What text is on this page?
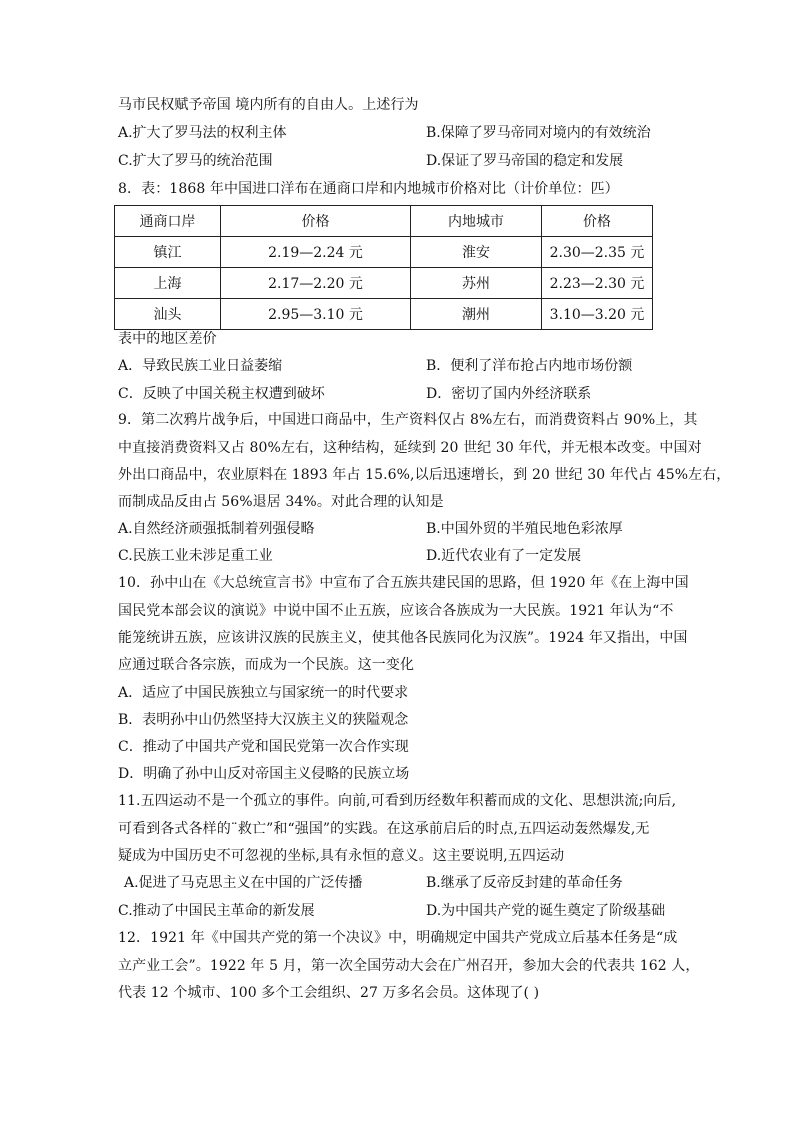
马市民权赋予帝国 境内所有的自由人。上述行为
A.扩大了罗马法的权利主体	B.保障了罗马帝同对境内的有效统治
C.扩大了罗马的统治范围	D.保证了罗马帝国的稳定和发展
8．表：1868 年中国进口洋布在通商口岸和内地城市价格对比（计价单位：匹）
通商口岸	价格	内地城市	价格
镇江	2.19—2.24 元	淮安	2.30—2.35 元
上海	2.17—2.20 元	苏州	2.23—2.30 元
汕头	2.95—3.10 元	潮州	3.10—3.20 元
表中的地区差价
A．导致民族工业日益萎缩	B．便利了洋布抢占内地市场份额
C．反映了中国关税主权遭到破坏	D．密切了国内外经济联系
9．第二次鸦片战争后，中国进口商品中，生产资料仅占 8%左右，而消费资料占 90%上，其
中直接消费资料又占 80%左右，这种结构，延续到 20 世纪 30 年代，并无根本改变。中国对
外出口商品中，农业原料在 1893 年占 15.6%,以后迅速增长，到 20 世纪 30 年代占 45%左右，
而制成品反由占 56%退居 34%。对此合理的认知是
A.自然经济顽强抵制着列强侵略	B.中国外贸的半殖民地色彩浓厚
C.民族工业未涉足重工业	D.近代农业有了一定发展
10．孙中山在《大总统宣言书》中宣布了合五族共建民国的思路，但 1920 年《在上海中国
国民党本部会议的演说》中说中国不止五族，应该合各族成为一大民族。1921 年认为“不
能笼统讲五族，应该讲汉族的民族主义，使其他各民族同化为汉族”。1924 年又指出，中国
应通过联合各宗族，而成为一个民族。这一变化
A．适应了中国民族独立与国家统一的时代要求
B．表明孙中山仍然坚持大汉族主义的狭隘观念
C．推动了中国共产党和国民党第一次合作实现
D．明确了孙中山反对帝国主义侵略的民族立场
11.五四运动不是一个孤立的事件。向前,可看到历经数年积蓄而成的文化、思想洪流;向后,
可看到各式各样的¨救亡”和“强国”的实践。在这承前启后的时点,五四运动轰然爆发,无
疑成为中国历史不可忽视的坐标,具有永恒的意义。这主要说明,五四运动
A.促进了马克思主义在中国的广泛传播	B.继承了反帝反封建的革命任务
C.推动了中国民主革命的新发展	D.为中国共产党的诞生奠定了阶级基础
12．1921 年《中国共产党的第一个决议》中，明确规定中国共产党成立后基本任务是“成
立产业工会”。1922 年 5 月，第一次全国劳动大会在广州召开，参加大会的代表共 162 人，
代表 12 个城市、100 多个工会组织、27 万多名会员。这体现了( )
